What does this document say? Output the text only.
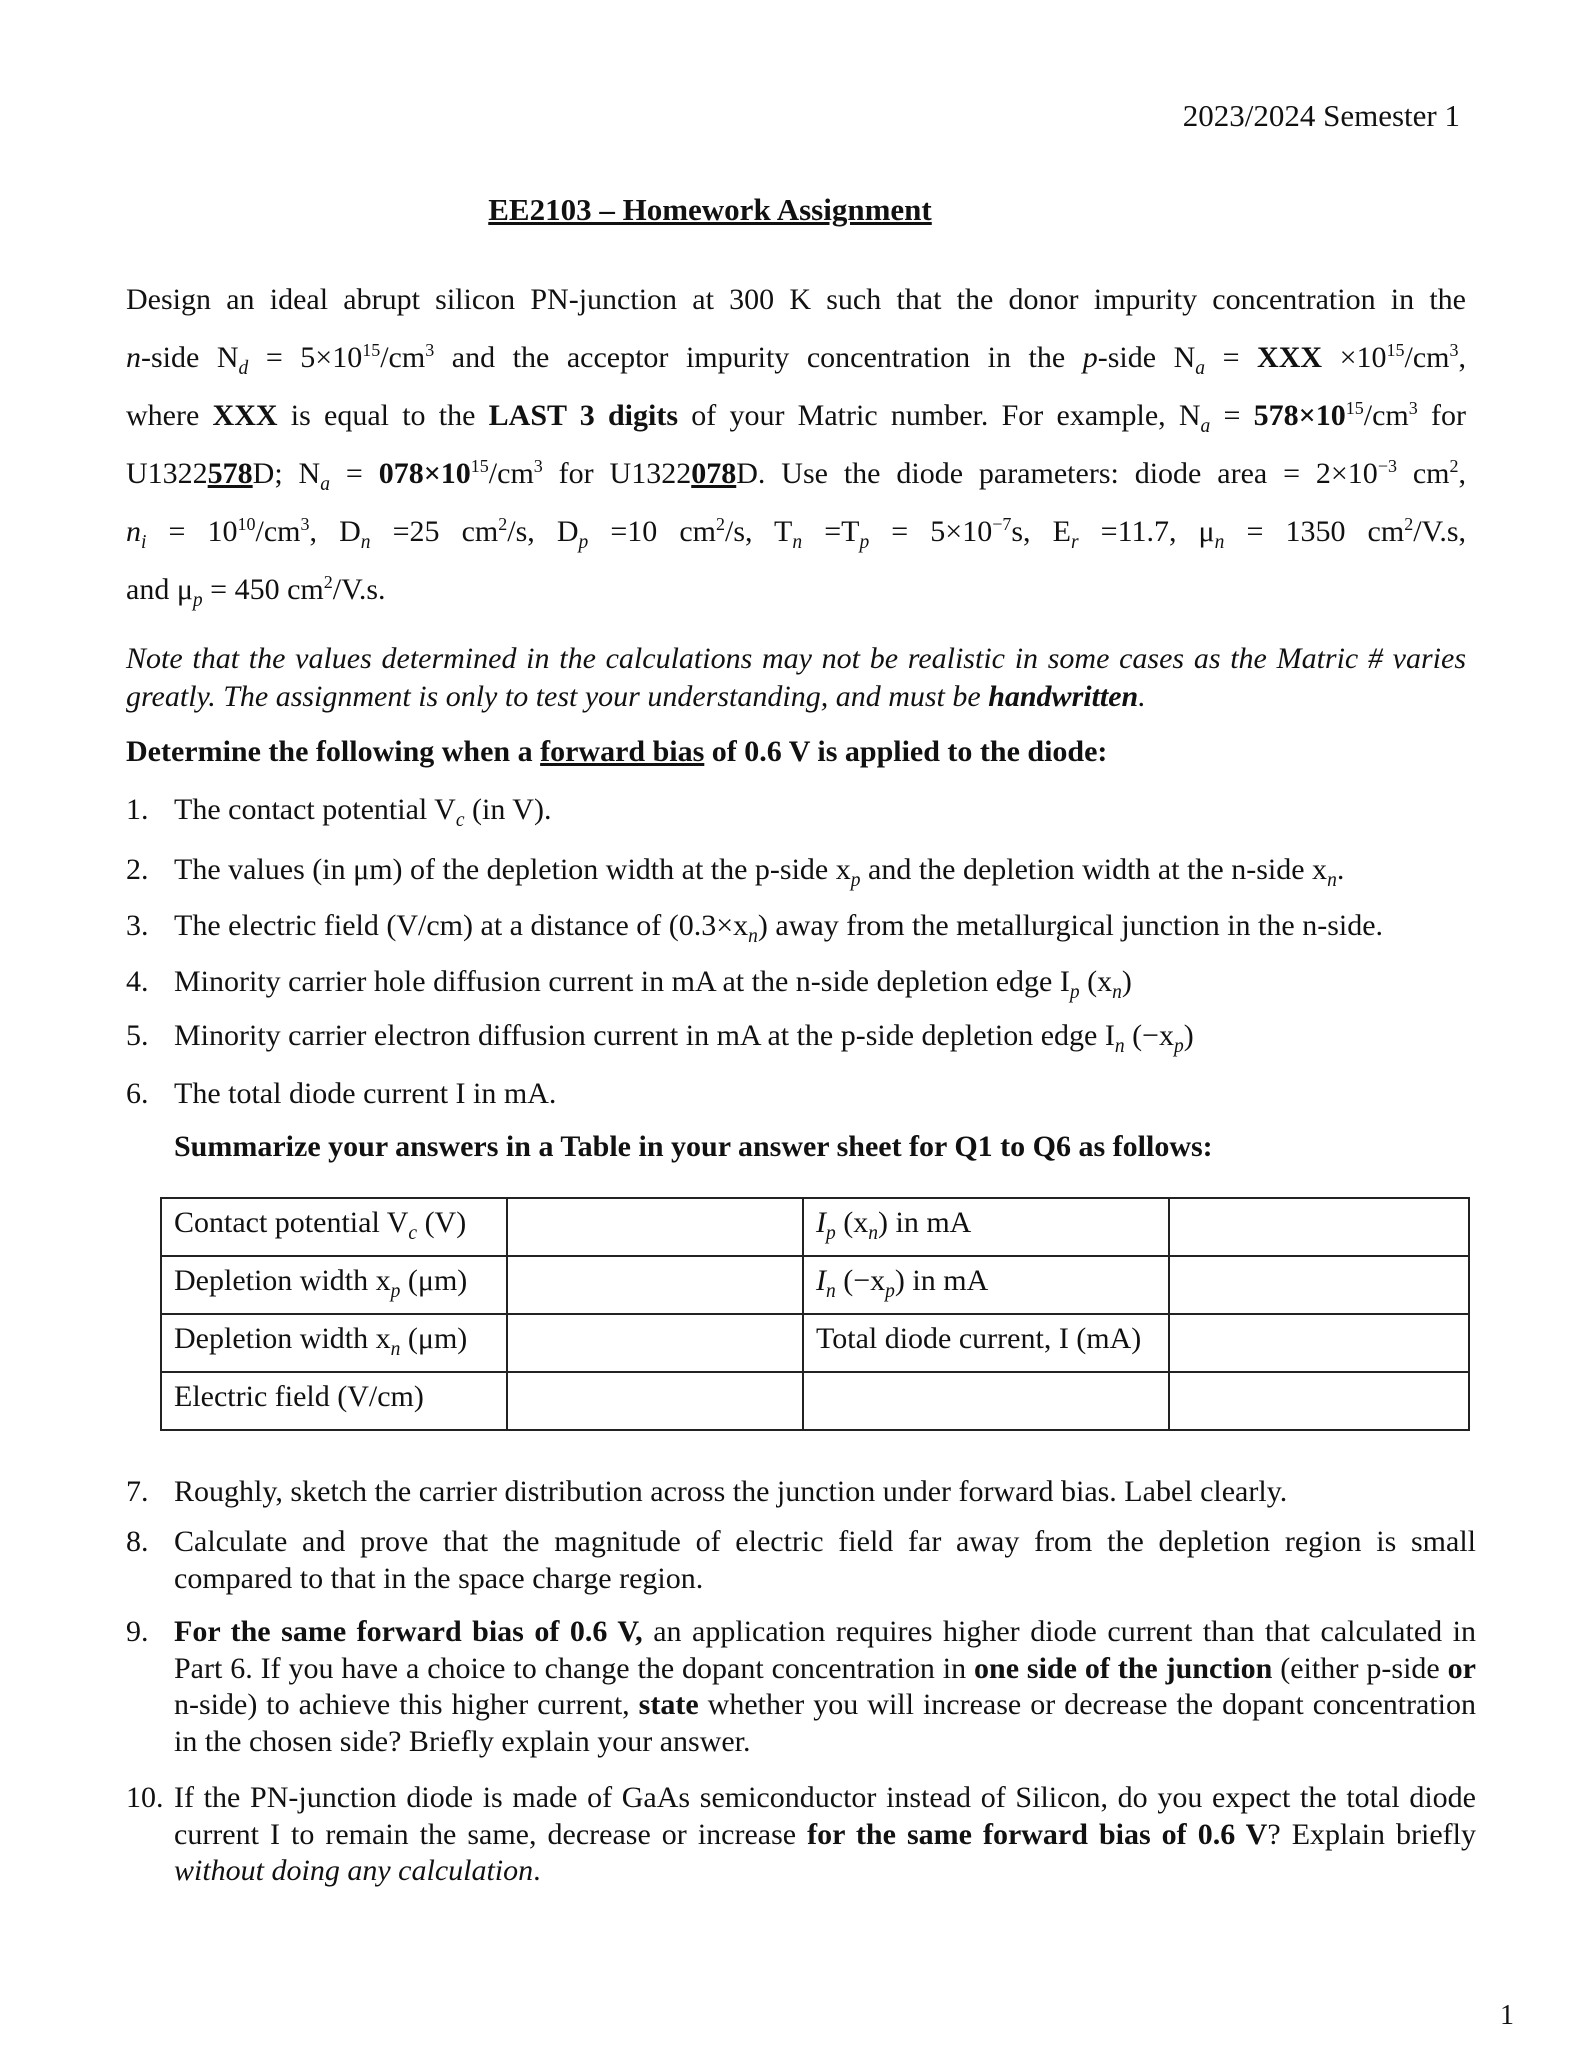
2023/2024 Semester 1
EE2103 – Homework Assignment
Design an ideal abrupt silicon PN-junction at 300 K such that the donor impurity concentration in the
n-side $N_d = 5\times 10^{15}/cm^3$ and the acceptor impurity concentration in the p-side $N_a$ = XXX $\times 10^{15}/cm^3$,
where XXX is equal to the LAST 3 digits of your Matric number. For example, $N_a = 578\times 10^{15}/cm^3$ for
U1322578D; $N_a = 078\times 10^{15}/cm^3$ for U1322078D. Use the diode parameters: diode area = $2\times 10^{-3}$ $cm^2$,
$n_i = 10^{10}/cm^3$, $D_n =25$ $cm^2/s$, $D_p =10$ $cm^2/s$, $T_n =T_p = 5\times 10^{-7}s$, $E_r =11.7$, $\mu_n = 1350$ $cm^2/V.s$,
and $\mu_p = 450$ $cm^2/V.s$.
Note that the values determined in the calculations may not be realistic in some cases as the Matric # varies greatly. The assignment is only to test your understanding, and must be handwritten.
Determine the following when a forward bias of 0.6 V is applied to the diode:
1. The contact potential $V_c$ (in V).
2. The values (in μm) of the depletion width at the p-side $x_p$ and the depletion width at the n-side $x_n$.
3. The electric field (V/cm) at a distance of $(0.3\times x_n)$ away from the metallurgical junction in the n-side.
4. Minority carrier hole diffusion current in mA at the n-side depletion edge $I_p$ $(x_n)$
5. Minority carrier electron diffusion current in mA at the p-side depletion edge $I_n$ $(-x_p)$
6. The total diode current I in mA.
Summarize your answers in a Table in your answer sheet for Q1 to Q6 as follows:
Contact potential $V_c$ (V)		$I_p$ $(x_n)$ in mA	
Depletion width $x_p$ (μm)		$I_n$ $(-x_p)$ in mA	
Depletion width $x_n$ (μm)		Total diode current, I (mA)	
Electric field (V/cm)			
7. Roughly, sketch the carrier distribution across the junction under forward bias. Label clearly.
8. Calculate and prove that the magnitude of electric field far away from the depletion region is small compared to that in the space charge region.
9. For the same forward bias of 0.6 V, an application requires higher diode current than that calculated in Part 6. If you have a choice to change the dopant concentration in one side of the junction (either p-side or n-side) to achieve this higher current, state whether you will increase or decrease the dopant concentration in the chosen side? Briefly explain your answer.
10. If the PN-junction diode is made of GaAs semiconductor instead of Silicon, do you expect the total diode current I to remain the same, decrease or increase for the same forward bias of 0.6 V? Explain briefly without doing any calculation.
1
